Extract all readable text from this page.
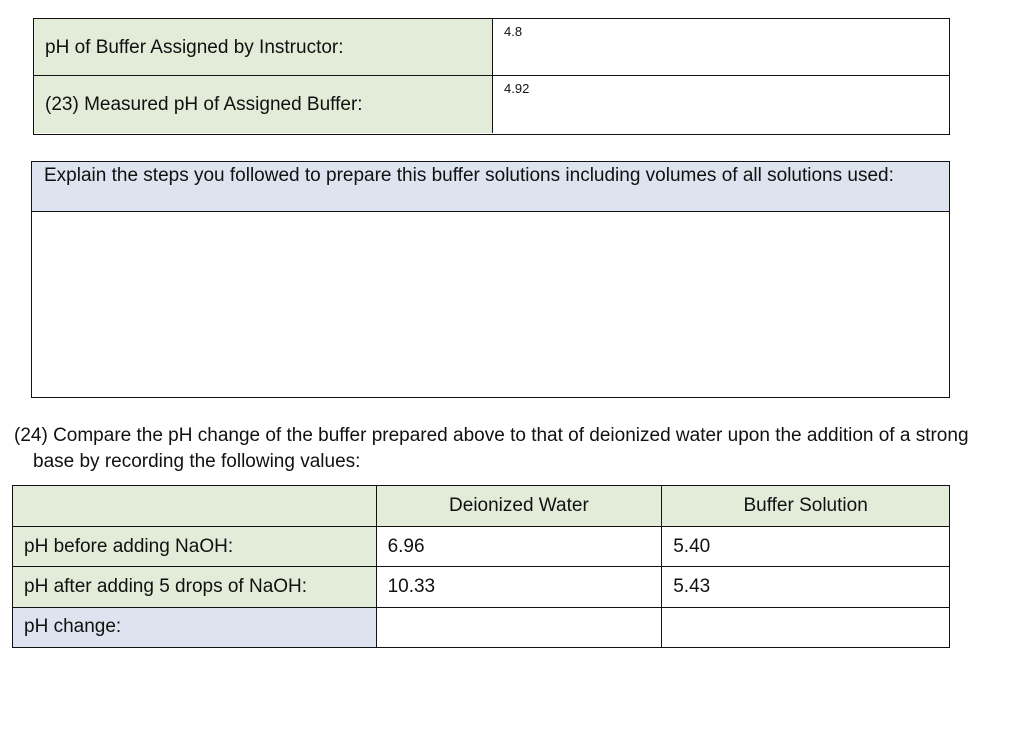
pH of Buffer Assigned by Instructor:
4.8
(23) Measured pH of Assigned Buffer:
4.92
Explain the steps you followed to prepare this buffer solutions including volumes of all solutions used:
(24) Compare the pH change of the buffer prepared above to that of deionized water upon the addition of a strong base by recording the following values:
	Deionized Water	Buffer Solution
pH before adding NaOH:	6.96	5.40
pH after adding 5 drops of NaOH:	10.33	5.43
pH change:		
